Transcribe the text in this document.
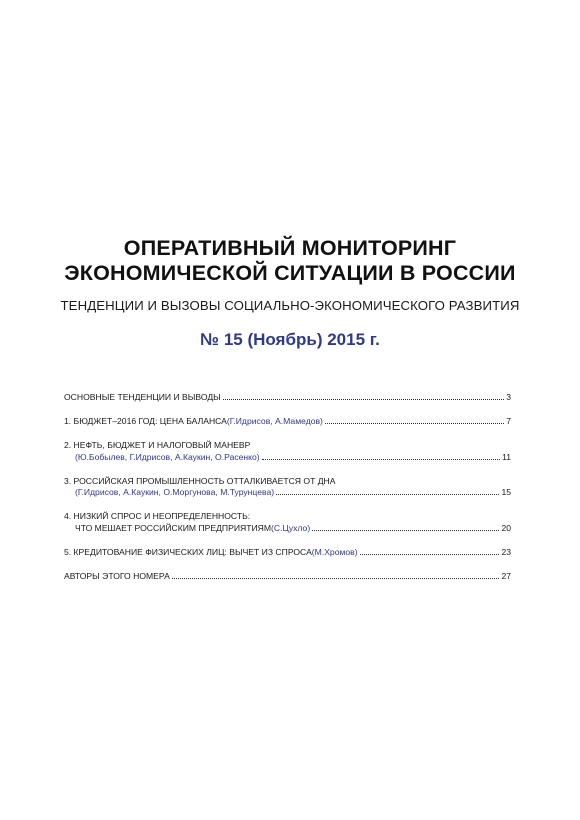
ОПЕРАТИВНЫЙ МОНИТОРИНГ
ЭКОНОМИЧЕСКОЙ СИТУАЦИИ В РОССИИ
ТЕНДЕНЦИИ И ВЫЗОВЫ СОЦИАЛЬНО-ЭКОНОМИЧЕСКОГО РАЗВИТИЯ
№ 15 (Ноябрь) 2015 г.
ОСНОВНЫЕ ТЕНДЕНЦИИ И ВЫВОДЫ	3
1. БЮДЖЕТ–2016 ГОД: ЦЕНА БАЛАНСА (Г.Идрисов, А.Мамедов)	7
2. НЕФТЬ, БЮДЖЕТ И НАЛОГОВЫЙ МАНЕВР
(Ю.Бобылев, Г.Идрисов, А.Каукин, О.Расенко)	11
3. РОССИЙСКАЯ ПРОМЫШЛЕННОСТЬ ОТТАЛКИВАЕТСЯ ОТ ДНА
(Г.Идрисов, А.Каукин, О.Моргунова, М.Турунцева)	15
4. НИЗКИЙ СПРОС И НЕОПРЕДЕЛЕННОСТЬ:
ЧТО МЕШАЕТ РОССИЙСКИМ ПРЕДПРИЯТИЯМ (С.Цухло)	20
5. КРЕДИТОВАНИЕ ФИЗИЧЕСКИХ ЛИЦ: ВЫЧЕТ ИЗ СПРОСА (М.Хромов)	23
АВТОРЫ ЭТОГО НОМЕРА	27
